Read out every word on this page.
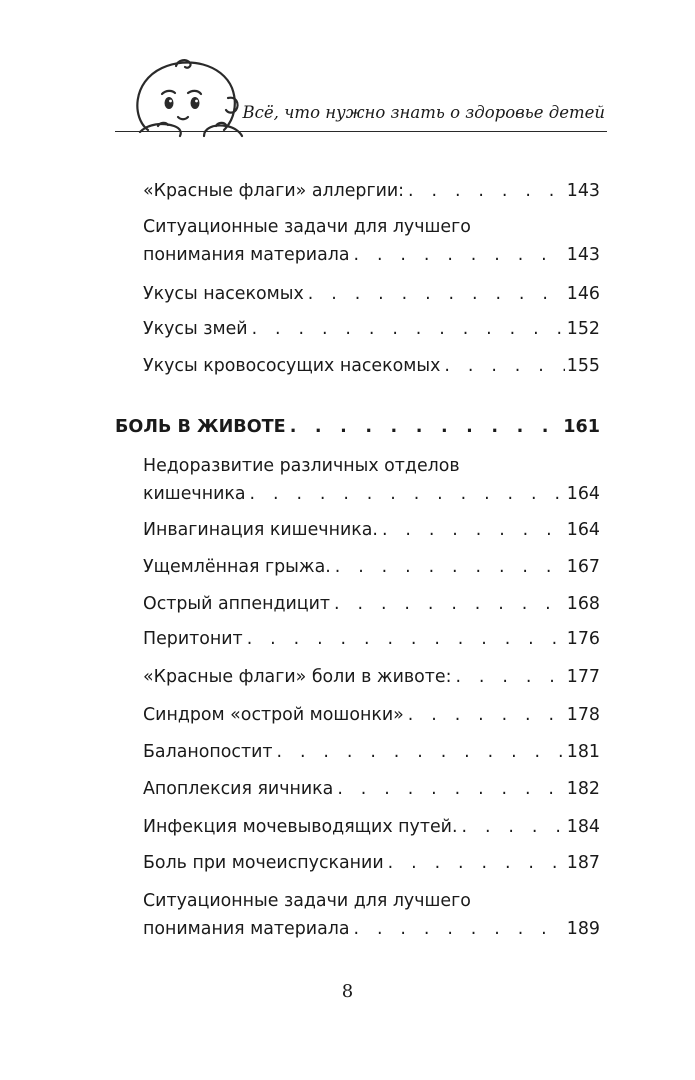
Всё, что нужно знать о здоровье детей
«Красные флаги» аллергии: . . .	143
Ситуационные задачи для лучшего
понимания материала . . .	143
Укусы насекомых . . .	146
Укусы змей . . .	152
Укусы кровососущих насекомых . . .	155
БОЛЬ В ЖИВОТЕ . . .	161
Недоразвитие различных отделов
кишечника . . .	164
Инвагинация кишечника. . . .	164
Ущемлённая грыжа. . . .	167
Острый аппендицит . . .	168
Перитонит . . .	176
«Красные флаги» боли в животе: . . .	177
Синдром «острой мошонки» . . .	178
Баланопостит . . .	181
Апоплексия яичника . . .	182
Инфекция мочевыводящих путей. . . .	184
Боль при мочеиспускании . . .	187
Ситуационные задачи для лучшего
понимания материала . . .	189
8
